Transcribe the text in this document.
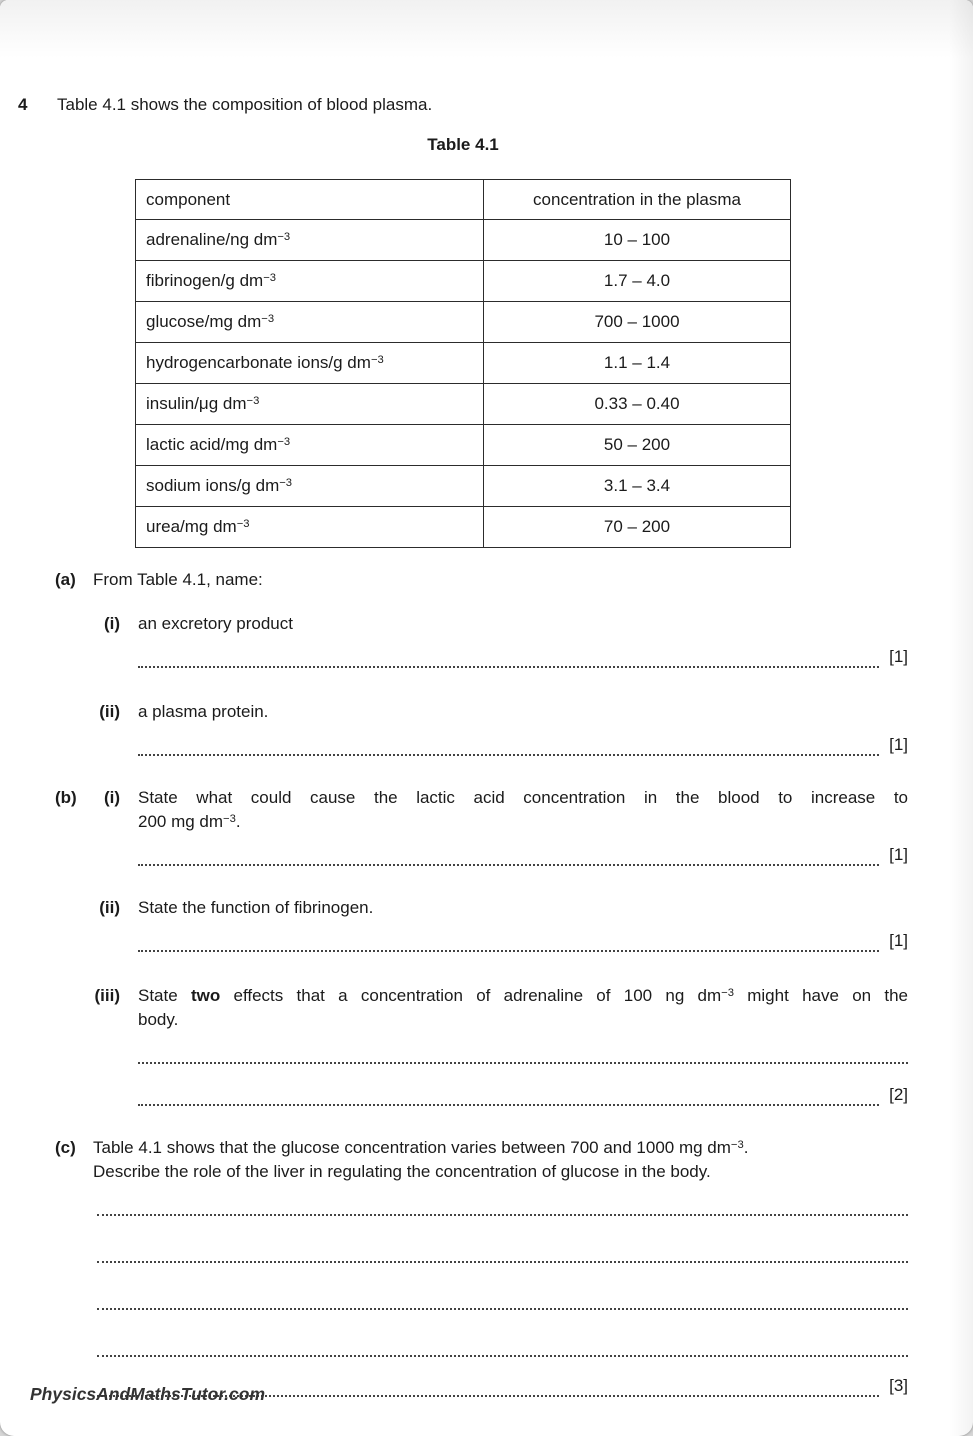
4	Table 4.1 shows the composition of blood plasma.
Table 4.1
component	concentration in the plasma
adrenaline/ng $dm^{-3}$	10 – 100
fibrinogen/g $dm^{-3}$	1.7 – 4.0
glucose/mg $dm^{-3}$	700 – 1000
hydrogencarbonate ions/g $dm^{-3}$	1.1 – 1.4
insulin/μg $dm^{-3}$	0.33 – 0.40
lactic acid/mg $dm^{-3}$	50 – 200
sodium ions/g $dm^{-3}$	3.1 – 3.4
urea/mg $dm^{-3}$	70 – 200
(a)	From Table 4.1, name:
(i)	an excretory product
[1]
(ii)	a plasma protein.
[1]
(b)	(i)	State what could cause the lactic acid concentration in the blood to increase to
200 mg $dm^{-3}$.
[1]
(ii)	State the function of fibrinogen.
[1]
(iii)	State two effects that a concentration of adrenaline of 100 ng $dm^{-3}$ might have on the
body.
[2]
(c)	Table 4.1 shows that the glucose concentration varies between 700 and 1000 mg $dm^{-3}$.
Describe the role of the liver in regulating the concentration of glucose in the body.
[3]
PhysicsAndMathsTutor.com
